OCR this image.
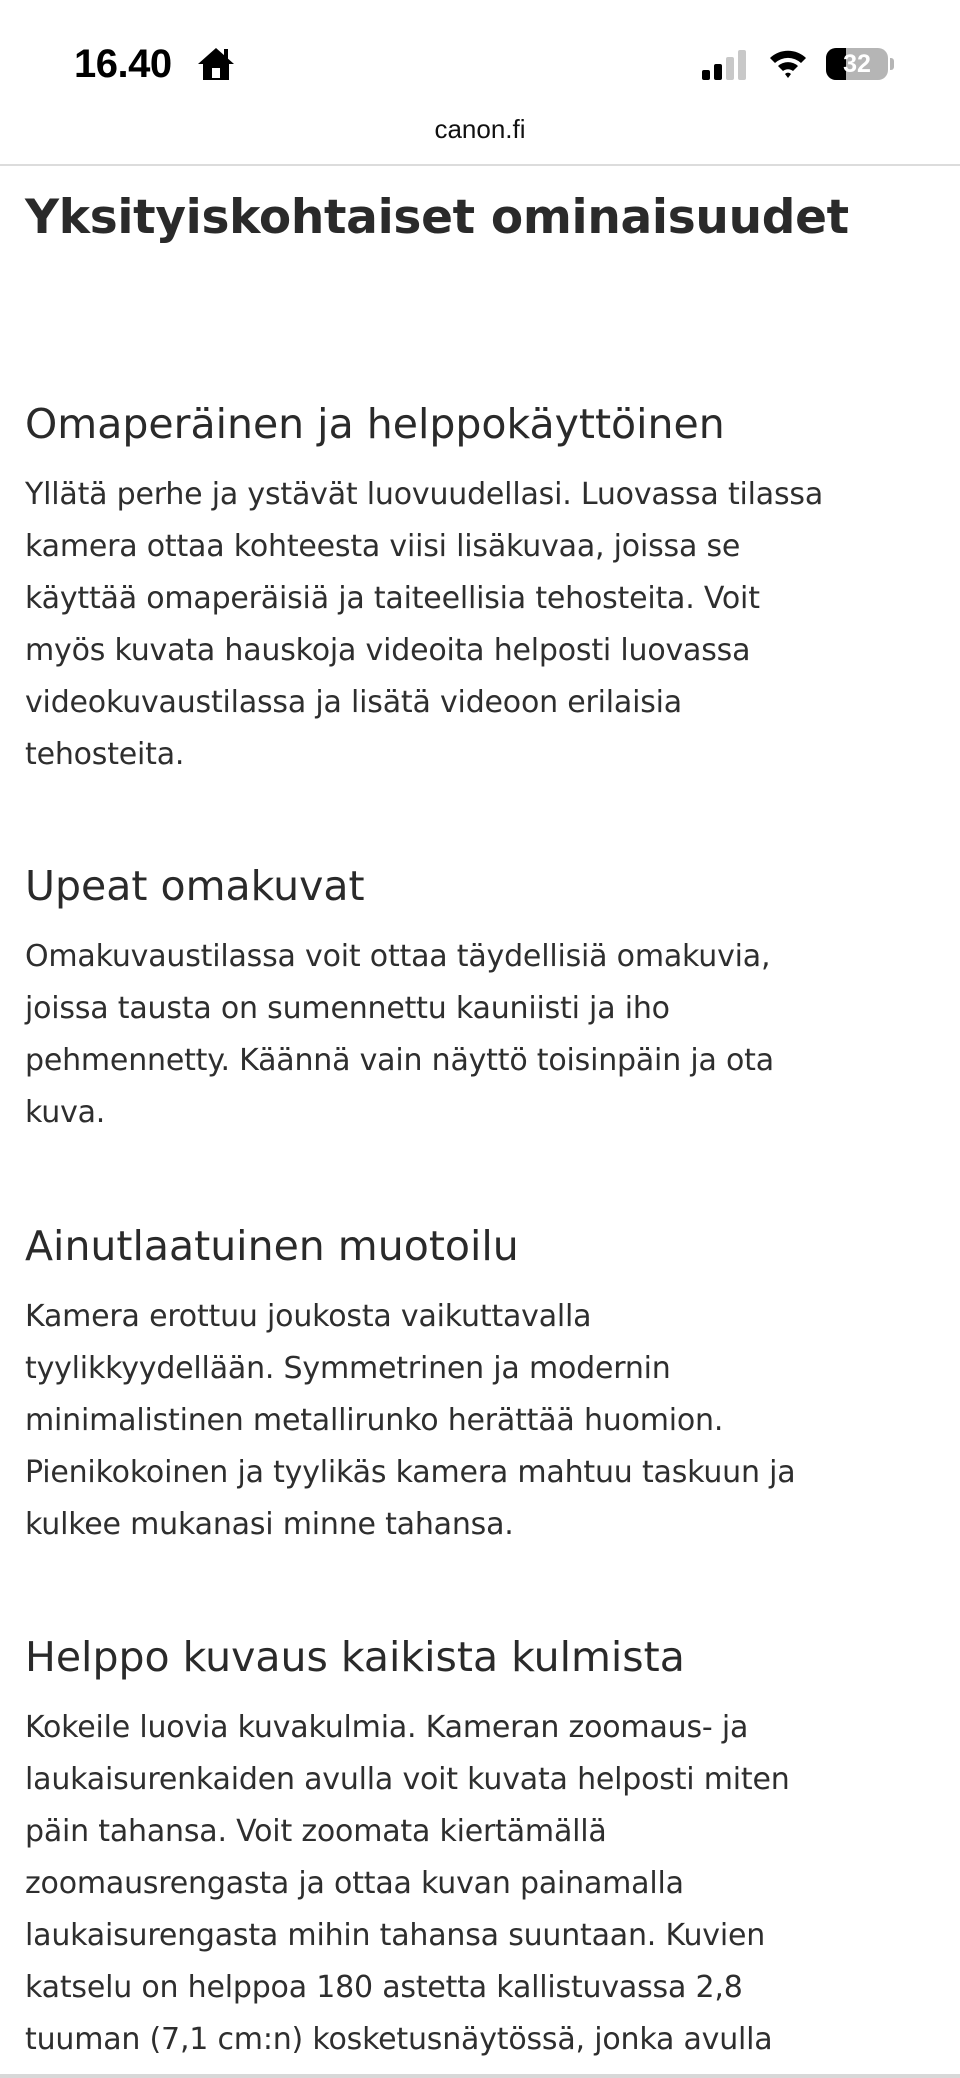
16.40	32
canon.fi
Yksityiskohtaiset ominaisuudet
Omaperäinen ja helppokäyttöinen
Yllätä perhe ja ystävät luovuudellasi. Luovassa tilassa
kamera ottaa kohteesta viisi lisäkuvaa, joissa se
käyttää omaperäisiä ja taiteellisia tehosteita. Voit
myös kuvata hauskoja videoita helposti luovassa
videokuvaustilassa ja lisätä videoon erilaisia
tehosteita.
Upeat omakuvat
Omakuvaustilassa voit ottaa täydellisiä omakuvia,
joissa tausta on sumennettu kauniisti ja iho
pehmennetty. Käännä vain näyttö toisinpäin ja ota
kuva.
Ainutlaatuinen muotoilu
Kamera erottuu joukosta vaikuttavalla
tyylikkyydellään. Symmetrinen ja modernin
minimalistinen metallirunko herättää huomion.
Pienikokoinen ja tyylikäs kamera mahtuu taskuun ja
kulkee mukanasi minne tahansa.
Helppo kuvaus kaikista kulmista
Kokeile luovia kuvakulmia. Kameran zoomaus- ja
laukaisurenkaiden avulla voit kuvata helposti miten
päin tahansa. Voit zoomata kiertämällä
zoomausrengasta ja ottaa kuvan painamalla
laukaisurengasta mihin tahansa suuntaan. Kuvien
katselu on helppoa 180 astetta kallistuvassa 2,8
tuuman (7,1 cm:n) kosketusnäytössä, jonka avulla
